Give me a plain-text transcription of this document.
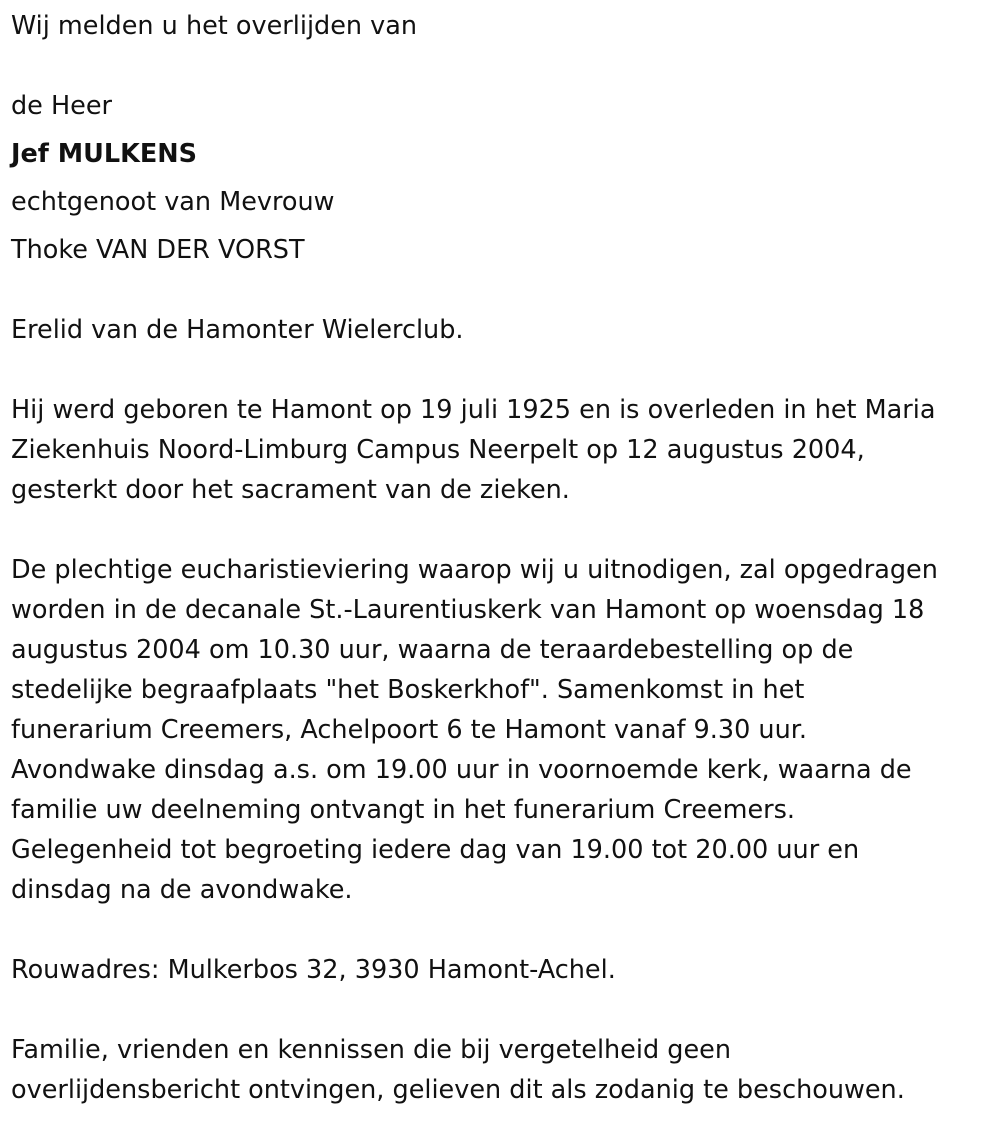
Wij melden u het overlijden van

de Heer

Jef MULKENS

echtgenoot van Mevrouw

Thoke VAN DER VORST

Erelid van de Hamonter Wielerclub.

Hij werd geboren te Hamont op 19 juli 1925 en is overleden in het Maria
Ziekenhuis Noord-Limburg Campus Neerpelt op 12 augustus 2004,
gesterkt door het sacrament van de zieken.
De plechtige eucharistieviering waarop wij u uitnodigen, zal opgedragen
worden in de decanale St.-Laurentiuskerk van Hamont op woensdag 18
augustus 2004 om 10.30 uur, waarna de teraardebestelling op de
stedelijke begraafplaats "het Boskerkhof". Samenkomst in het
funerarium Creemers, Achelpoort 6 te Hamont vanaf 9.30 uur.
Avondwake dinsdag a.s. om 19.00 uur in voornoemde kerk, waarna de
familie uw deelneming ontvangt in het funerarium Creemers.
Gelegenheid tot begroeting iedere dag van 19.00 tot 20.00 uur en
dinsdag na de avondwake.

Rouwadres: Mulkerbos 32, 3930 Hamont-Achel.

Familie, vrienden en kennissen die bij vergetelheid geen
overlijdensbericht ontvingen, gelieven dit als zodanig te beschouwen.
